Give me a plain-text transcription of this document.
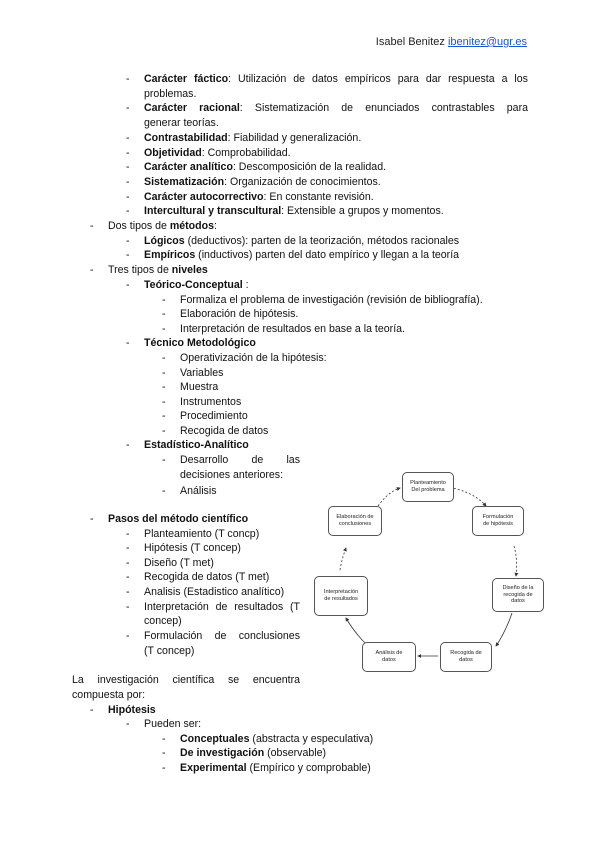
Isabel Benitez ibenitez@ugr.es
- Carácter fáctico: Utilización de datos empíricos para dar respuesta a los
problemas.
- Carácter racional: Sistematización de enunciados contrastables para
generar teorías.
- Contrastabilidad: Fiabilidad y generalización.
- Objetividad: Comprobabilidad.
- Carácter analítico: Descomposición de la realidad.
- Sistematización: Organización de conocimientos.
- Carácter autocorrectivo: En constante revisión.
- Intercultural y transcultural: Extensible a grupos y momentos.
- Dos tipos de métodos:
- Lógicos (deductivos): parten de la teorización, métodos racionales
- Empíricos (inductivos) parten del dato empírico y llegan a la teoría
- Tres tipos de niveles
- Teórico-Conceptual :
- Formaliza el problema de investigación (revisión de bibliografía).
- Elaboración de hipótesis.
- Interpretación de resultados en base a la teoría.
- Técnico Metodológico
- Operativización de la hipótesis:
- Variables
- Muestra
- Instrumentos
- Procedimiento
- Recogida de datos
- Estadístico-Analítico
- Desarrollo de las
decisiones anteriores:
- Análisis
- Pasos del método científico
- Planteamiento (T concp)
- Hipótesis (T concep)
- Diseño (T met)
- Recogida de datos (T met)
- Analisis (Estadistico analítico)
- Interpretación de resultados (T
concep)
- Formulación de conclusiones
(T concep)
Planteamiento
Del problema
Formulación
de hipótesis
Diseño de la
recogida de
datos
Recogida de
datos
Análisis de
datos
Interpretación
de resultados
Elaboración de
conclusiones
La investigación científica se encuentra
compuesta por:
- Hipótesis
- Pueden ser:
- Conceptuales (abstracta y especulativa)
- De investigación (observable)
- Experimental (Empírico y comprobable)
